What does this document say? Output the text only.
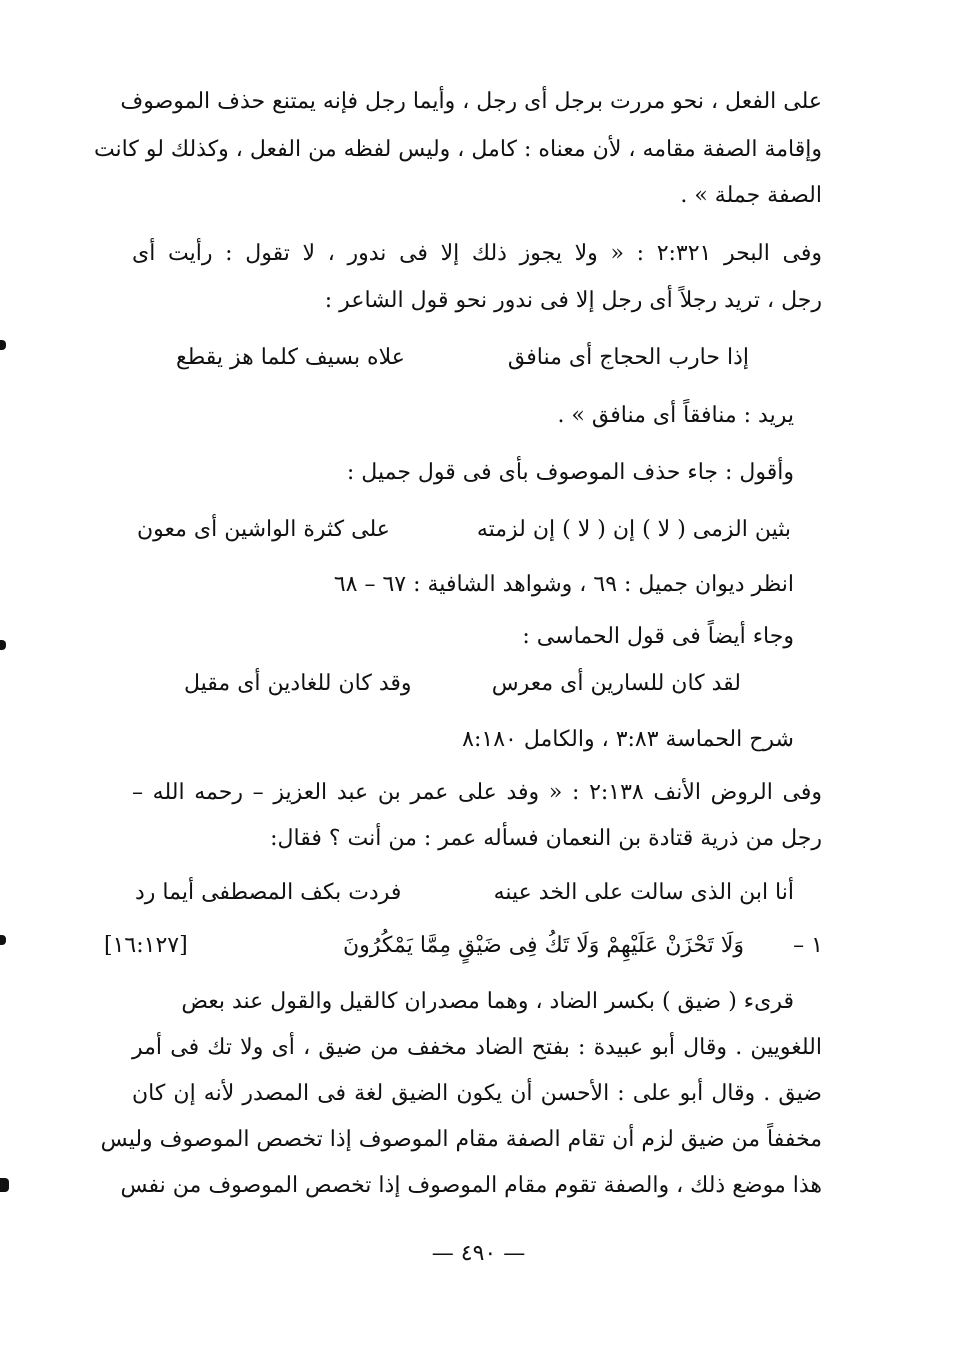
على الفعل ، نحو مررت برجل أى رجل ، وأيما رجل فإنه يمتنع حذف الموصوف
وإقامة الصفة مقامه ، لأن معناه : كامل ، وليس لفظه من الفعل ، وكذلك لو كانت
الصفة جملة » .
وفى البحر ٢:٣٢١ : « ولا يجوز ذلك إلا فى ندور ، لا تقول : رأيت أى
رجل ، تريد رجلاً أى رجل إلا فى ندور نحو قول الشاعر :
إذا حارب الحجاج أى منافق
علاه بسيف كلما هز يقطع
يريد : منافقاً أى منافق » .
وأقول : جاء حذف الموصوف بأى فى قول جميل :
بثين الزمى ( لا ) إن ( لا ) إن لزمته
على كثرة الواشين أى معون
انظر ديوان جميل : ٦٩ ، وشواهد الشافية : ٦٧ – ٦٨
وجاء أيضاً فى قول الحماسى :
لقد كان للسارين أى معرس
وقد كان للغادين أى مقيل
شرح الحماسة ٣:٨٣ ، والكامل ٨:١٨٠
وفى الروض الأنف ٢:١٣٨ : « وفد على عمر بن عبد العزيز – رحمه الله –
رجل من ذرية قتادة بن النعمان فسأله عمر : من أنت ؟ فقال:
أنا ابن الذى سالت على الخد عينه
فردت بكف المصطفى أيما رد
١ –
وَلَا تَحْزَنْ عَلَيْهِمْ وَلَا تَكُ فِى ضَيْقٍ مِمَّا يَمْكُرُونَ
[١٦:١٢٧]
قرىء ( ضيق ) بكسر الضاد ، وهما مصدران كالقيل والقول عند بعض
اللغويين . وقال أبو عبيدة : بفتح الضاد مخفف من ضيق ، أى ولا تك فى أمر
ضيق . وقال أبو على : الأحسن أن يكون الضيق لغة فى المصدر لأنه إن كان
مخففاً من ضيق لزم أن تقام الصفة مقام الموصوف إذا تخصص الموصوف وليس
هذا موضع ذلك ، والصفة تقوم مقام الموصوف إذا تخصص الموصوف من نفس
— ٤٩٠ —
